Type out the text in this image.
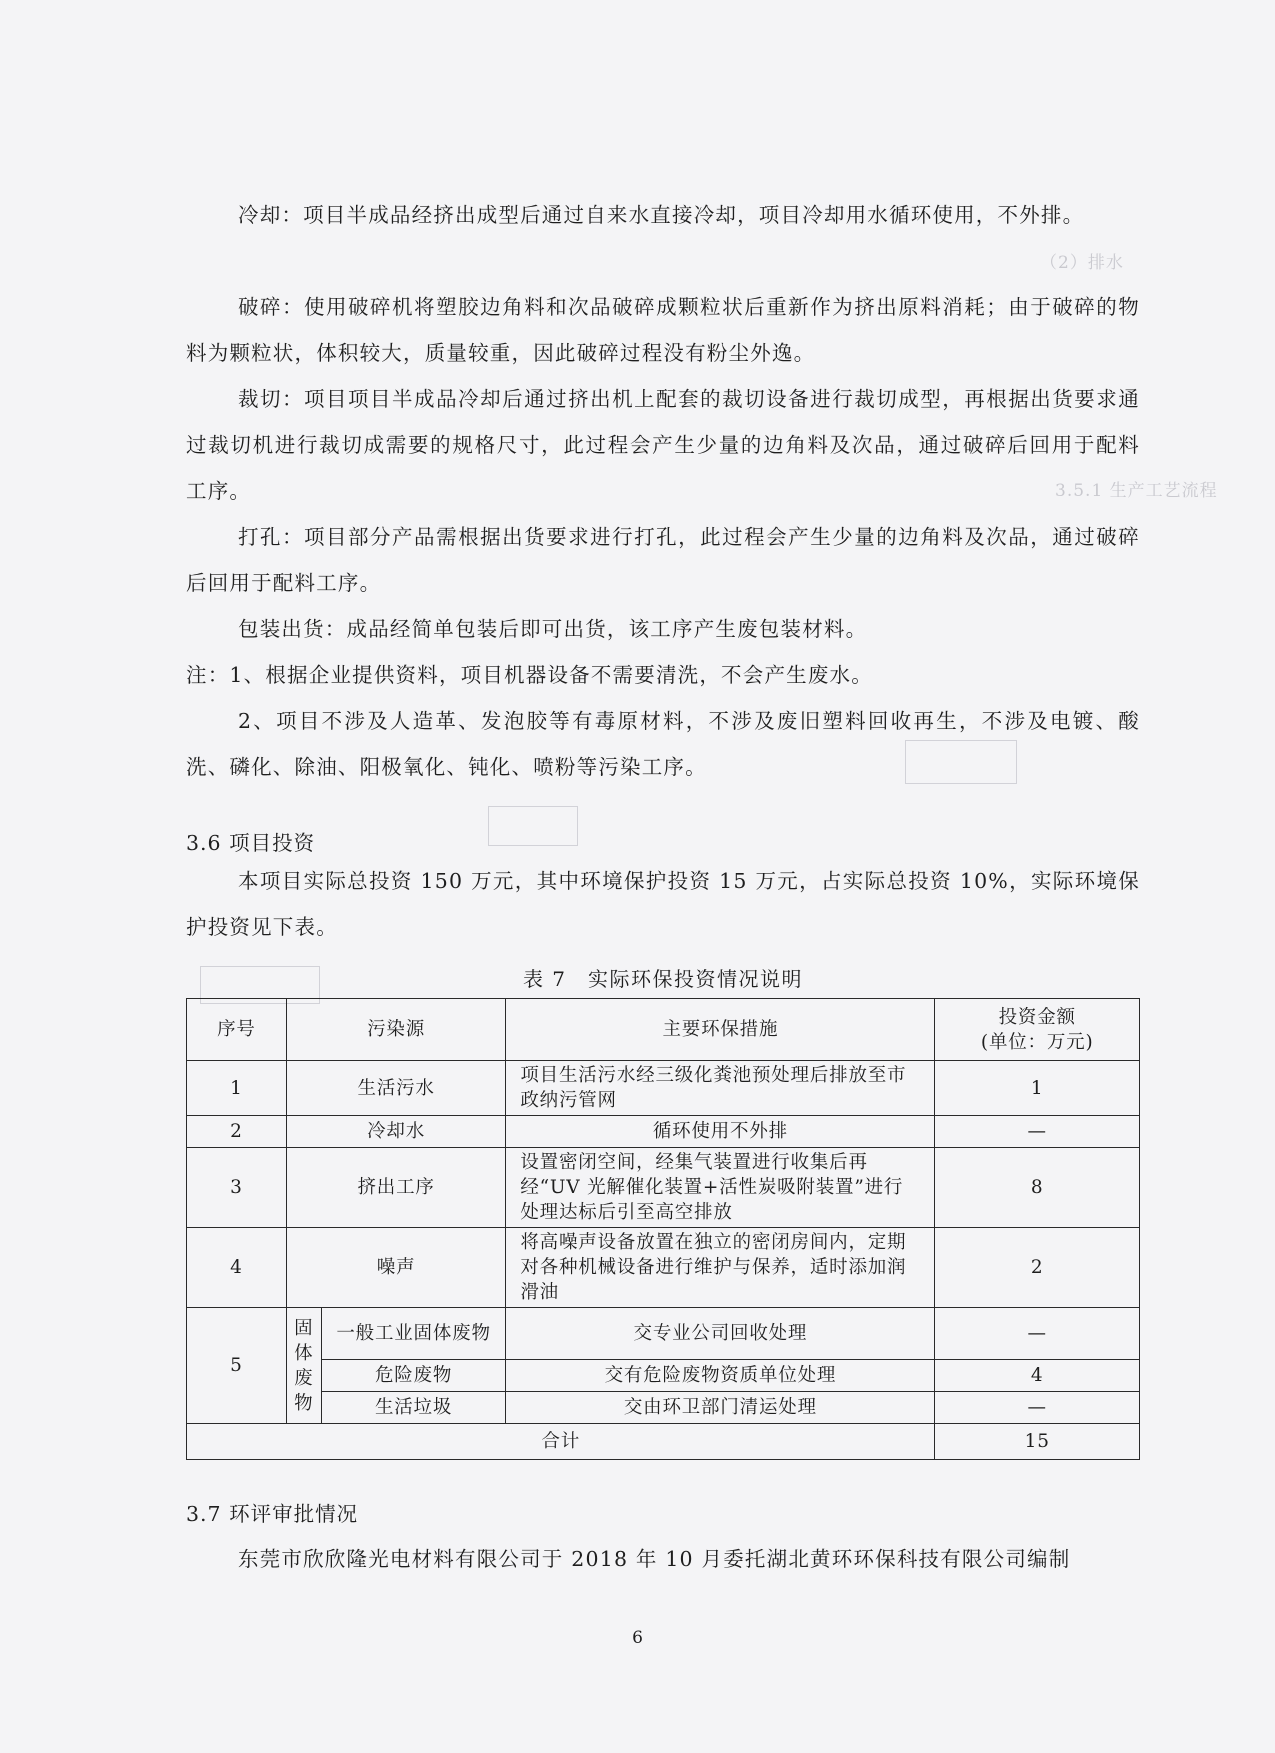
（2）排水
3.5.1 生产工艺流程

冷却：项目半成品经挤出成型后通过自来水直接冷却，项目冷却用水循环使用，不外排。

破碎：使用破碎机将塑胶边角料和次品破碎成颗粒状后重新作为挤出原料消耗；由于破碎的物料为颗粒状，体积较大，质量较重，因此破碎过程没有粉尘外逸。

裁切：项目项目半成品冷却后通过挤出机上配套的裁切设备进行裁切成型，再根据出货要求通过裁切机进行裁切成需要的规格尺寸，此过程会产生少量的边角料及次品，通过破碎后回用于配料工序。

打孔：项目部分产品需根据出货要求进行打孔，此过程会产生少量的边角料及次品，通过破碎后回用于配料工序。

包装出货：成品经简单包装后即可出货，该工序产生废包装材料。

注：1、根据企业提供资料，项目机器设备不需要清洗，不会产生废水。

2、项目不涉及人造革、发泡胶等有毒原材料，不涉及废旧塑料回收再生，不涉及电镀、酸洗、磷化、除油、阳极氧化、钝化、喷粉等污染工序。

3.6 项目投资

本项目实际总投资 150 万元，其中环境保护投资 15 万元，占实际总投资 10%，实际环境保护投资见下表。

表 7　实际环保投资情况说明
序号	污染源		主要环保措施	投资金额
(单位：万元)
1	生活污水		项目生活污水经三级化粪池预处理后排放至市政纳污管网	1
2	冷却水		循环使用不外排	—
3	挤出工序		设置密闭空间，经集气装置进行收集后再经“UV 光解催化装置+活性炭吸附装置”进行处理达标后引至高空排放	8
4	噪声		将高噪声设备放置在独立的密闭房间内，定期对各种机械设备进行维护与保养，适时添加润滑油	2
5	固
体
废
物	一般工业固体废物	交专业公司回收处理	—
		危险废物	交有危险废物资质单位处理	4
		生活垃圾	交由环卫部门清运处理	—
合计				15

3.7 环评审批情况

东莞市欣欣隆光电材料有限公司于 2018 年 10 月委托湖北黄环环保科技有限公司编制

6
